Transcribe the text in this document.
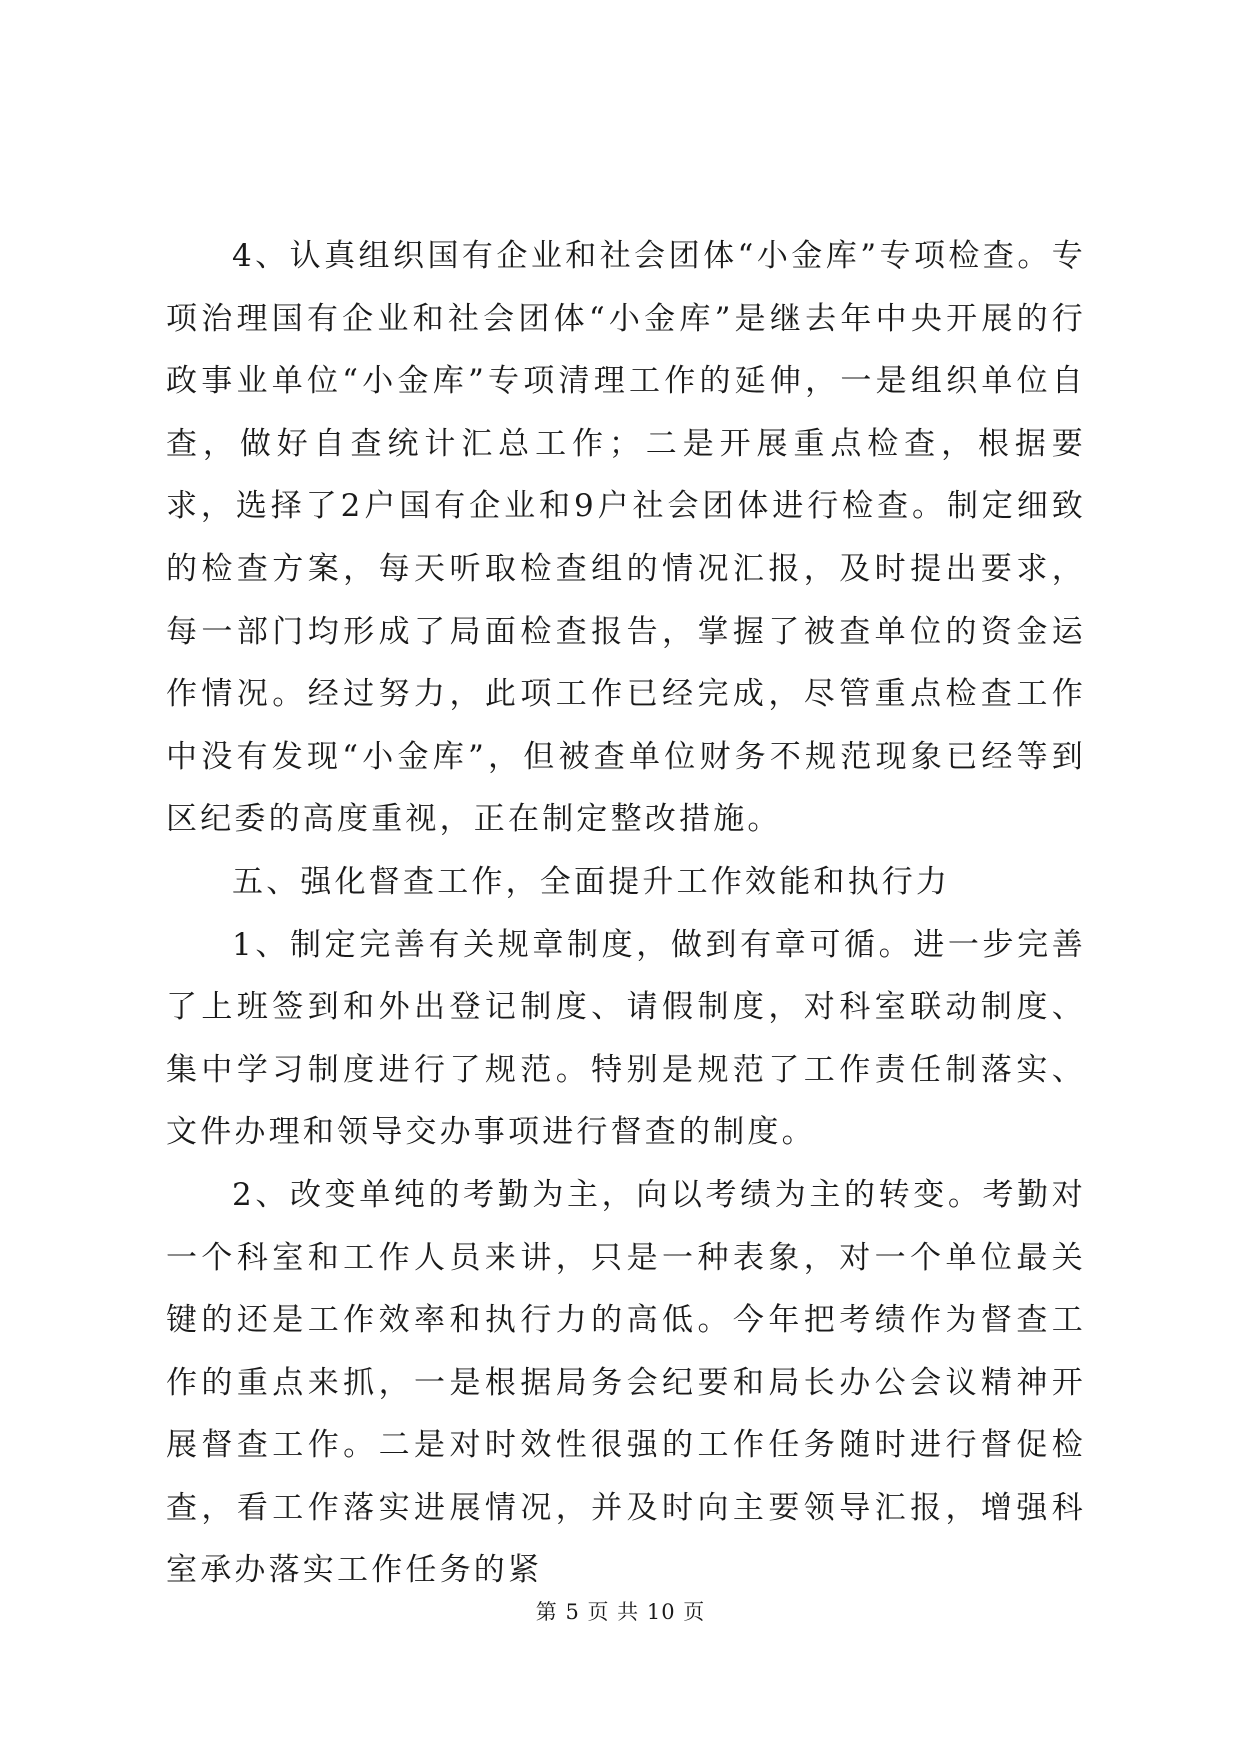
4、认真组织国有企业和社会团体“小金库”专项检查。专项治理国有企业和社会团体“小金库”是继去年中央开展的行政事业单位“小金库”专项清理工作的延伸，一是组织单位自查，做好自查统计汇总工作；二是开展重点检查，根据要求，选择了2户国有企业和9户社会团体进行检查。制定细致的检查方案，每天听取检查组的情况汇报，及时提出要求，每一部门均形成了局面检查报告，掌握了被查单位的资金运作情况。经过努力，此项工作已经完成，尽管重点检查工作中没有发现“小金库”，但被查单位财务不规范现象已经等到区纪委的高度重视，正在制定整改措施。

五、强化督查工作，全面提升工作效能和执行力

1、制定完善有关规章制度，做到有章可循。进一步完善了上班签到和外出登记制度、请假制度，对科室联动制度、集中学习制度进行了规范。特别是规范了工作责任制落实、文件办理和领导交办事项进行督查的制度。

2、改变单纯的考勤为主，向以考绩为主的转变。考勤对一个科室和工作人员来讲，只是一种表象，对一个单位最关键的还是工作效率和执行力的高低。今年把考绩作为督查工作的重点来抓，一是根据局务会纪要和局长办公会议精神开展督查工作。二是对时效性很强的工作任务随时进行督促检查，看工作落实进展情况，并及时向主要领导汇报，增强科室承办落实工作任务的紧

第 5 页 共 10 页
